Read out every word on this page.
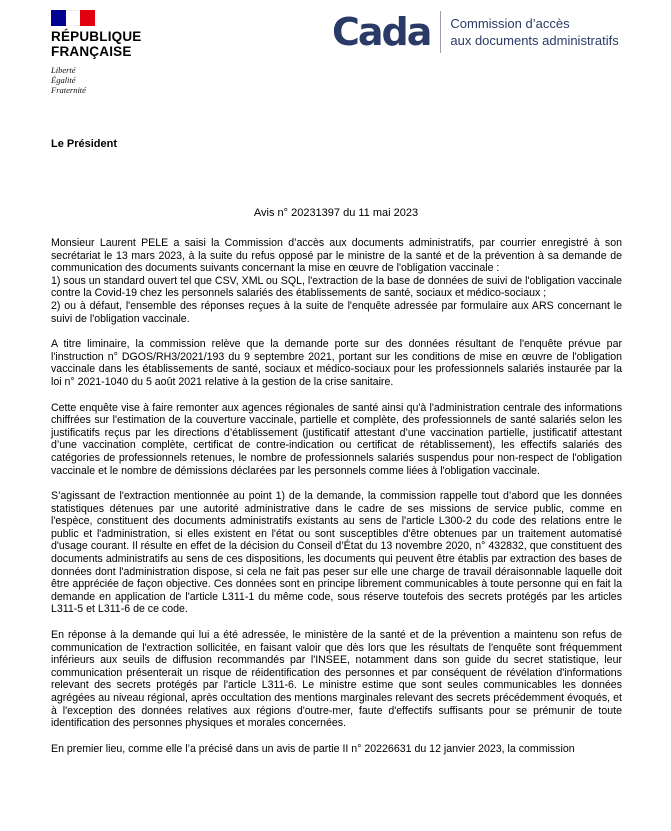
RÉPUBLIQUE
FRANÇAISE
Liberté
Égalité
Fraternité
Cada Commission d’accès
aux documents administratifs
Le Président
Avis n° 20231397 du 11 mai 2023

Monsieur Laurent PELE a saisi la Commission d’accès aux documents administratifs, par courrier enregistré à son secrétariat le 13 mars 2023, à la suite du refus opposé par le ministre de la santé et de la prévention à sa demande de communication des documents suivants concernant la mise en œuvre de l'obligation vaccinale :
1) sous un standard ouvert tel que CSV, XML ou SQL, l'extraction de la base de données de suivi de l'obligation vaccinale contre la Covid-19 chez les personnels salariés des établissements de santé, sociaux et médico-sociaux ;
2) ou à défaut, l'ensemble des réponses reçues à la suite de l'enquête adressée par formulaire aux ARS concernant le suivi de l'obligation vaccinale.

A titre liminaire, la commission relève que la demande porte sur des données résultant de l'enquête prévue par l'instruction n° DGOS/RH3/2021/193 du 9 septembre 2021, portant sur les conditions de mise en œuvre de l'obligation vaccinale dans les établissements de santé, sociaux et médico-sociaux pour les professionnels salariés instaurée par la loi n° 2021-1040 du 5 août 2021 relative à la gestion de la crise sanitaire.

Cette enquête vise à faire remonter aux agences régionales de santé ainsi qu'à l'administration centrale des informations chiffrées sur l'estimation de la couverture vaccinale, partielle et complète, des professionnels de santé salariés selon les justificatifs reçus par les directions d’établissement (justificatif attestant d’une vaccination partielle, justificatif attestant d’une vaccination complète, certificat de contre-indication ou certificat de rétablissement), les effectifs salariés des catégories de professionnels retenues, le nombre de professionnels salariés suspendus pour non-respect de l'obligation vaccinale et le nombre de démissions déclarées par les personnels comme liées à l'obligation vaccinale.

S’agissant de l'extraction mentionnée au point 1) de la demande, la commission rappelle tout d’abord que les données statistiques détenues par une autorité administrative dans le cadre de ses missions de service public, comme en l'espèce, constituent des documents administratifs existants au sens de l'article L300-2 du code des relations entre le public et l'administration, si elles existent en l'état ou sont susceptibles d'être obtenues par un traitement automatisé d'usage courant. Il résulte en effet de la décision du Conseil d’État du 13 novembre 2020, n° 432832, que constituent des documents administratifs au sens de ces dispositions, les documents qui peuvent être établis par extraction des bases de données dont l'administration dispose, si cela ne fait pas peser sur elle une charge de travail déraisonnable laquelle doit être appréciée de façon objective. Ces données sont en principe librement communicables à toute personne qui en fait la demande en application de l'article L311-1 du même code, sous réserve toutefois des secrets protégés par les articles L311-5 et L311-6 de ce code.

En réponse à la demande qui lui a été adressée, le ministère de la santé et de la prévention a maintenu son refus de communication de l'extraction sollicitée, en faisant valoir que dès lors que les résultats de l'enquête sont fréquemment inférieurs aux seuils de diffusion recommandés par l'INSEE, notamment dans son guide du secret statistique, leur communication présenterait un risque de réidentification des personnes et par conséquent de révélation d'informations relevant des secrets protégés par l'article L311-6. Le ministre estime que sont seules communicables les données agrégées au niveau régional, après occultation des mentions marginales relevant des secrets précédemment évoqués, et à l'exception des données relatives aux régions d'outre-mer, faute d'effectifs suffisants pour se prémunir de toute identification des personnes physiques et morales concernées.

En premier lieu, comme elle l’a précisé dans un avis de partie II n° 20226631 du 12 janvier 2023, la commission
